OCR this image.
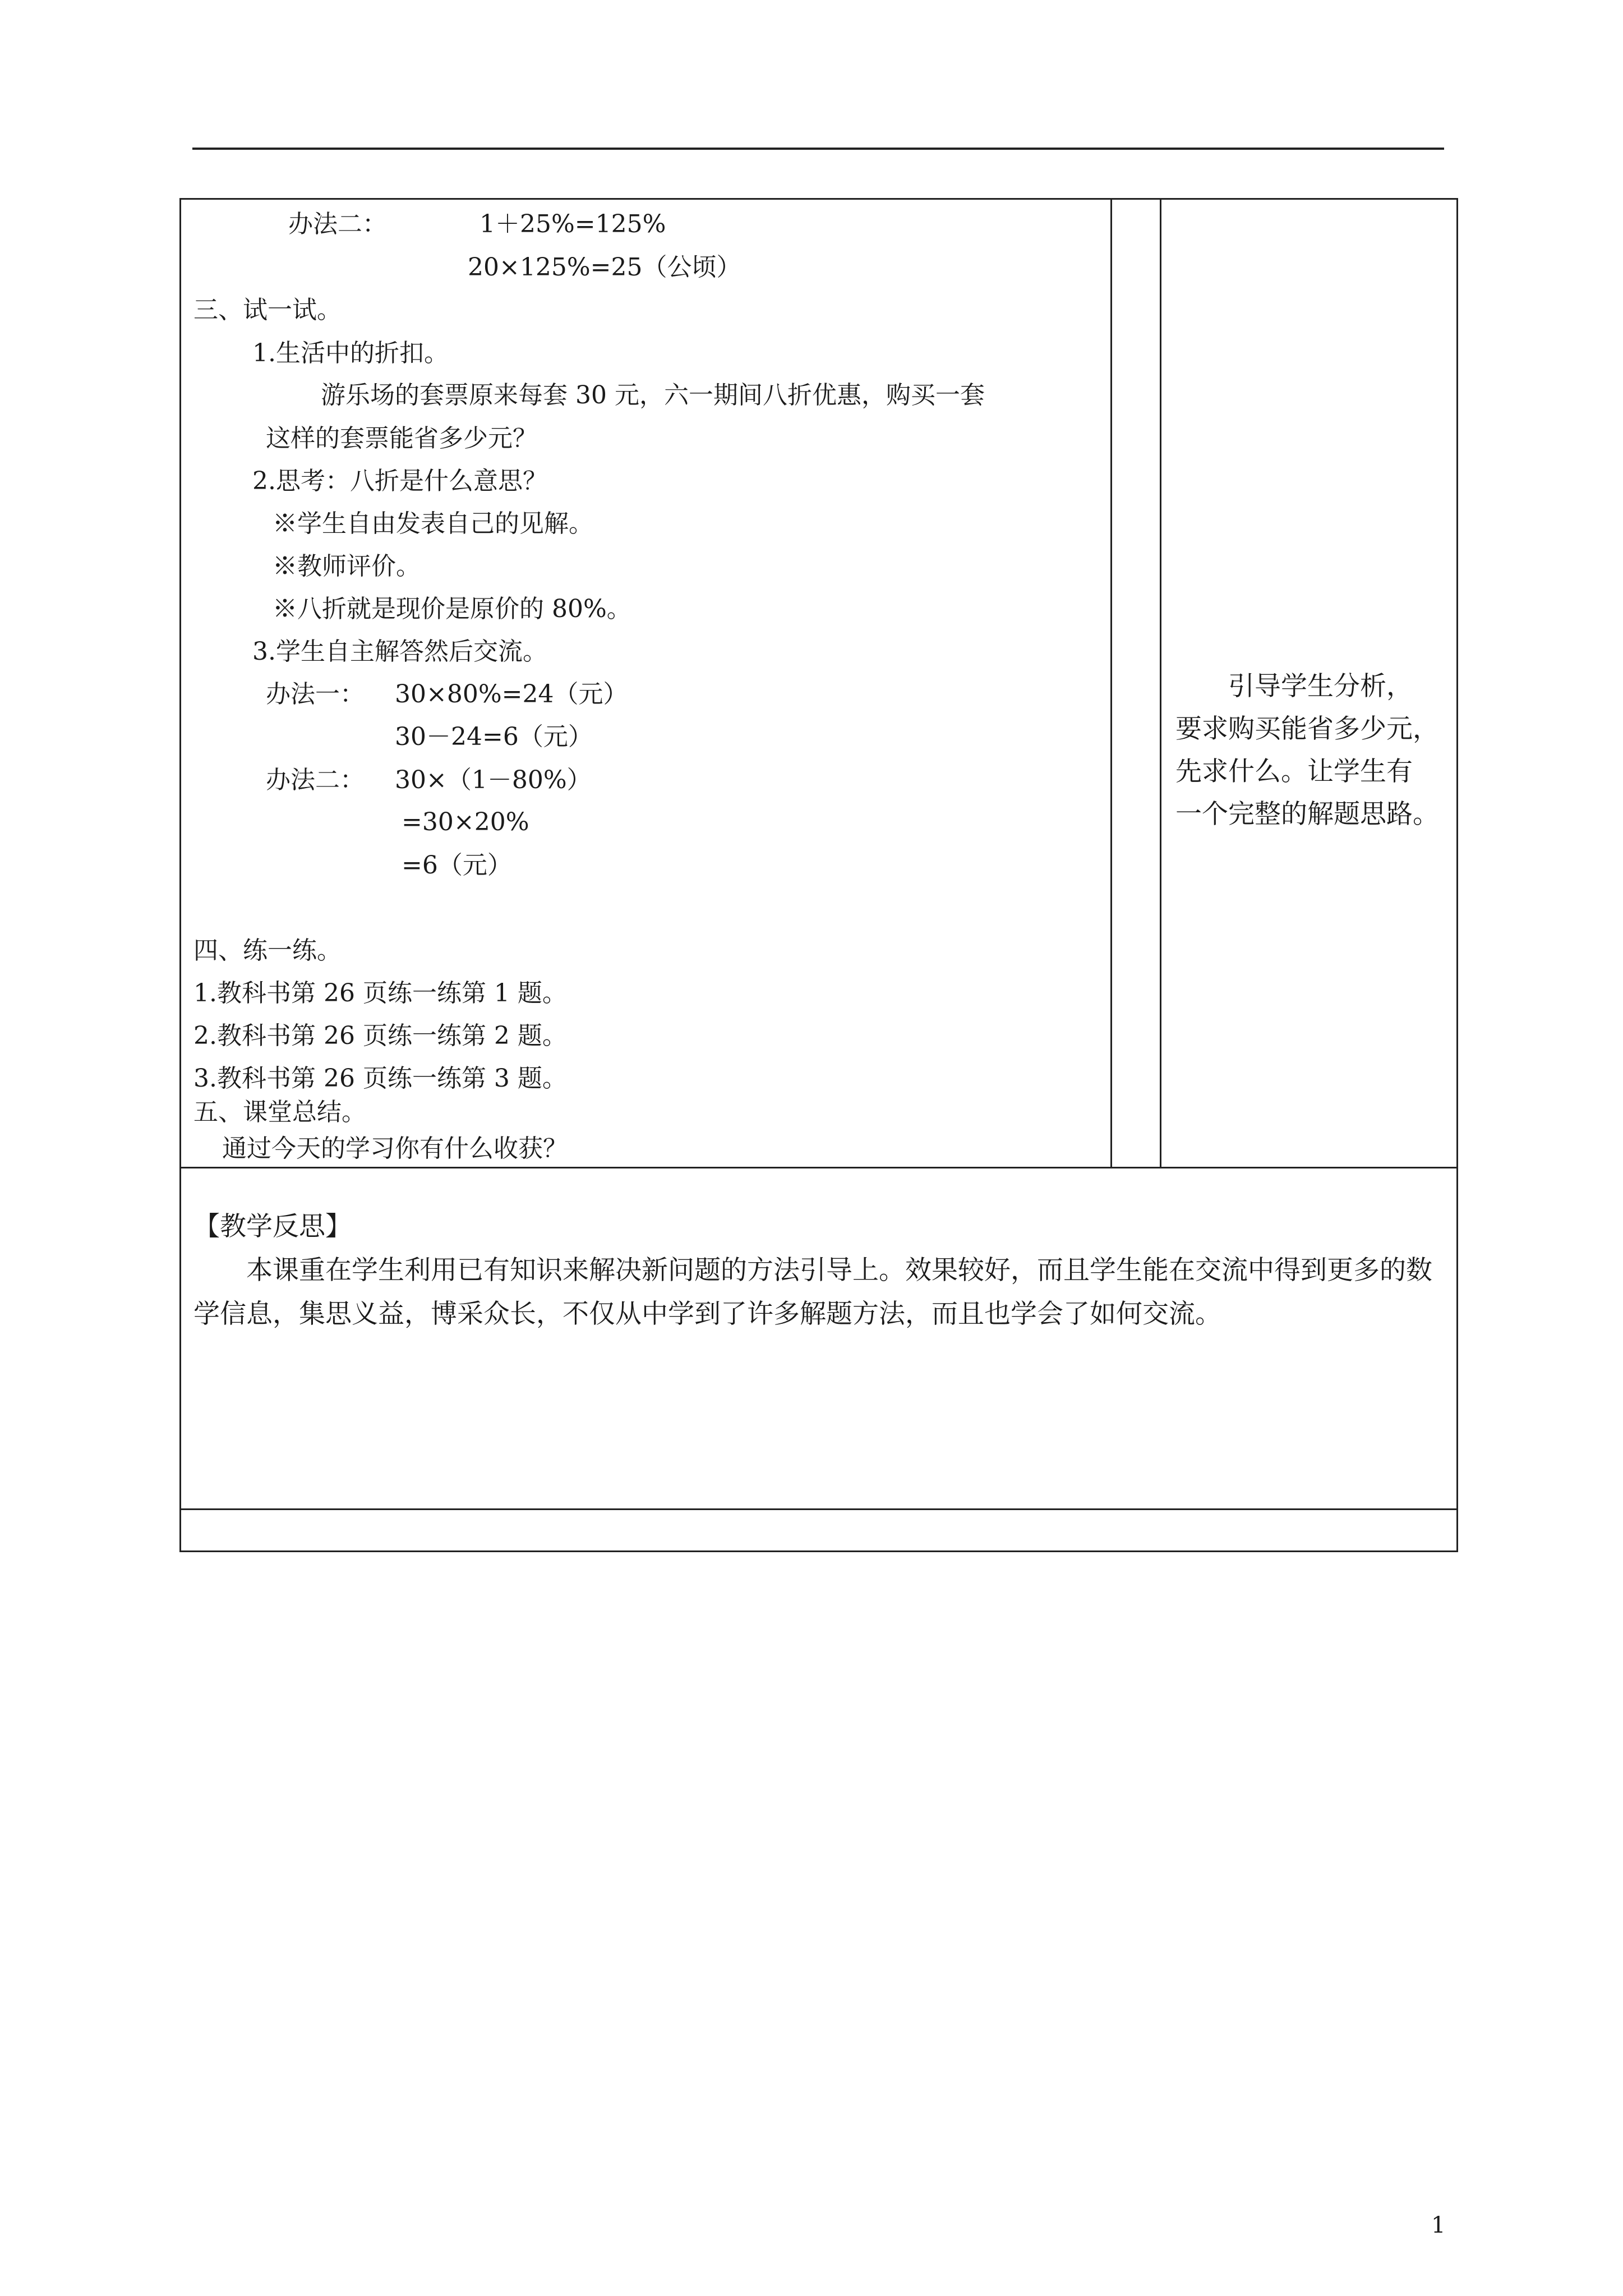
办法二：	1＋25%=125%
20×125%=25（公顷）
三、试一试。
1.生活中的折扣。
游乐场的套票原来每套 30 元，六一期间八折优惠，购买一套
这样的套票能省多少元？
2.思考：八折是什么意思？
※学生自由发表自己的见解。
※教师评价。
※八折就是现价是原价的 80%。
3.学生自主解答然后交流。
办法一： 30×80%=24（元）
30－24=6（元）
办法二： 30×（1－80%）
=30×20%
=6（元）
四、练一练。
1.教科书第 26 页练一练第 1 题。
2.教科书第 26 页练一练第 2 题。
3.教科书第 26 页练一练第 3 题。
五、课堂总结。
通过今天的学习你有什么收获？
引导学生分析，
要求购买能省多少元，
先求什么。让学生有
一个完整的解题思路。
【教学反思】
本课重在学生利用已有知识来解决新问题的方法引导上。效果较好，而且学生能在交流中得到更多的数学信息，集思义益，博采众长，不仅从中学到了许多解题方法，而且也学会了如何交流。
1
